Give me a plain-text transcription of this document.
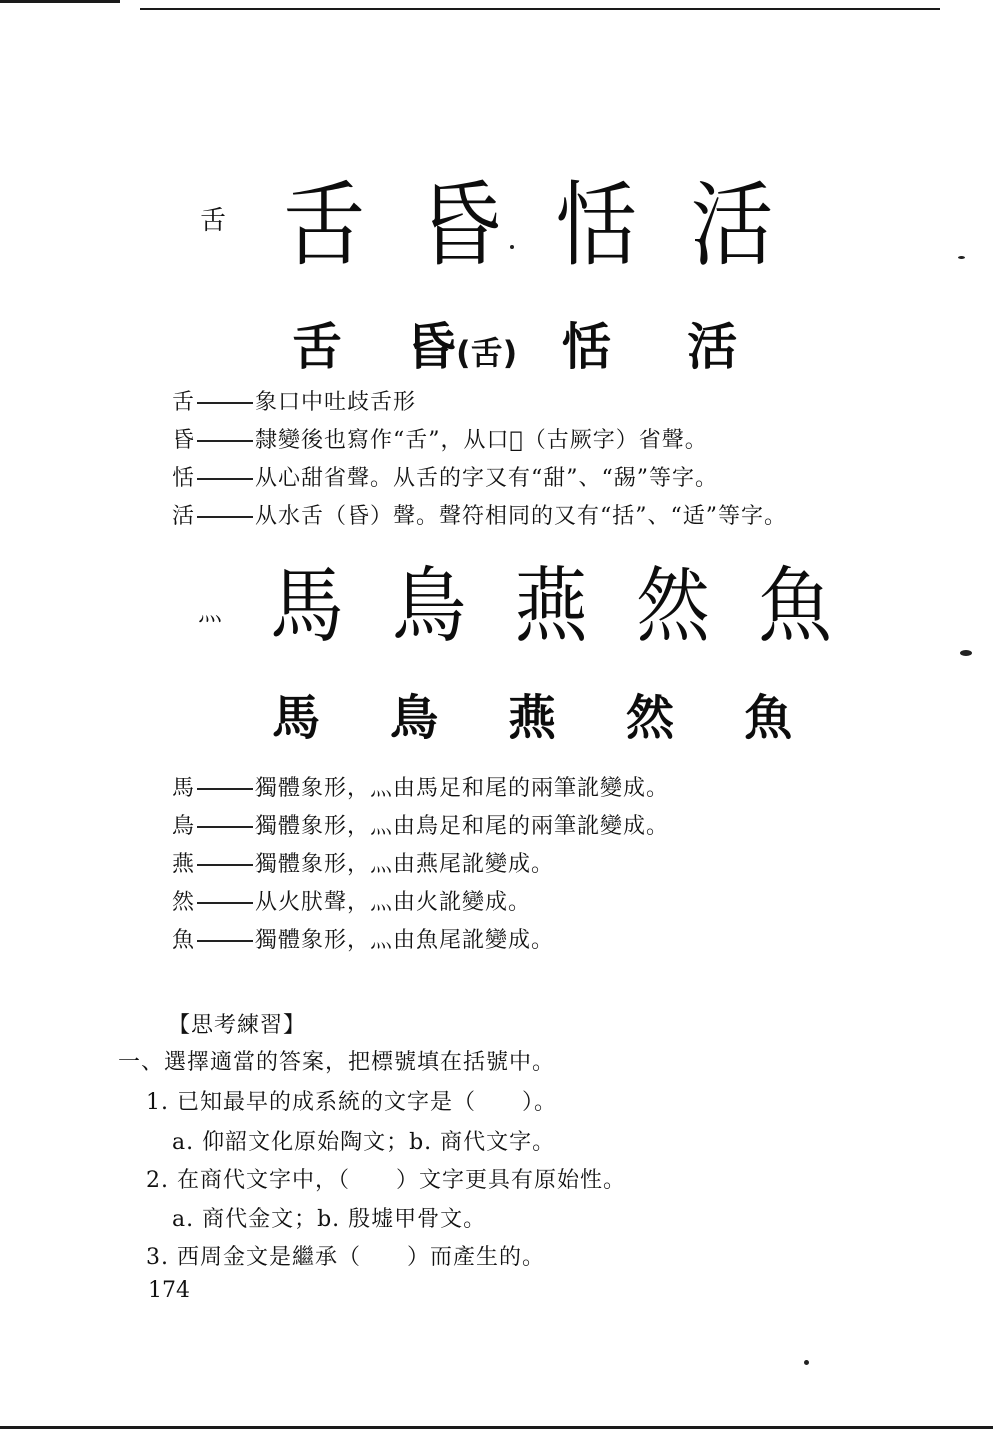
舌 舌 昏 恬 活
舌 昏 (舌) 恬 活
舌	象口中吐歧舌形
昏	隸變後也寫作“舌”，从口𠂭（古厥字）省聲。
恬	从心甜省聲。从舌的字又有“甜”、“舓”等字。
活	从水舌（昏）聲。聲符相同的又有“括”、“适”等字。
灬 馬 鳥 燕 然 魚
馬 鳥 燕 然 魚
馬	獨體象形，灬由馬足和尾的兩筆訛變成。
鳥	獨體象形，灬由鳥足和尾的兩筆訛變成。
燕	獨體象形，灬由燕尾訛變成。
然	从火肰聲，灬由火訛變成。
魚	獨體象形，灬由魚尾訛變成。
【思考練習】
一、選擇適當的答案，把標號填在括號中。
1. 已知最早的成系統的文字是（　　）。
a. 仰韶文化原始陶文；b. 商代文字。
2. 在商代文字中，（　　）文字更具有原始性。
a. 商代金文；b. 殷墟甲骨文。
3. 西周金文是繼承（　　）而產生的。
174
